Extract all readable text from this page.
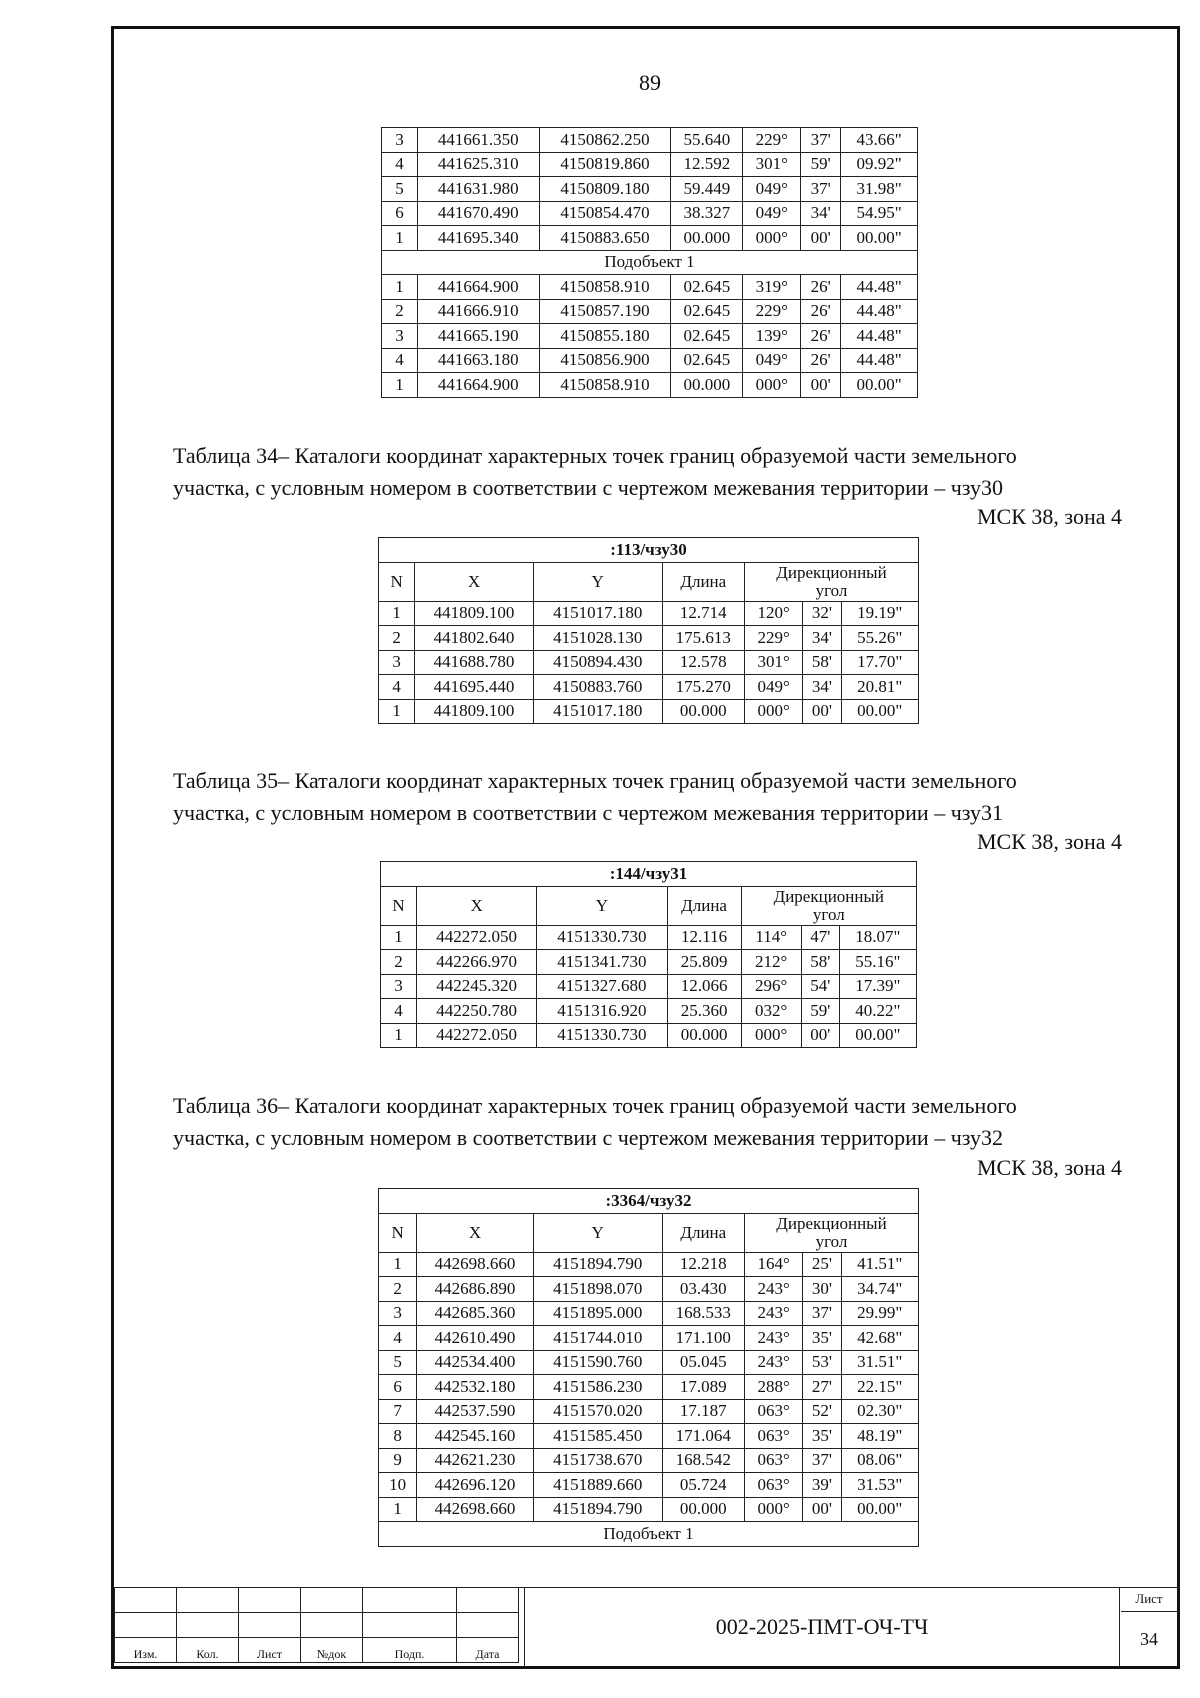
89
3	441661.350	4150862.250	55.640	229°	37'	43.66"
4	441625.310	4150819.860	12.592	301°	59'	09.92"
5	441631.980	4150809.180	59.449	049°	37'	31.98"
6	441670.490	4150854.470	38.327	049°	34'	54.95"
1	441695.340	4150883.650	00.000	000°	00'	00.00"
Подобъект 1						
1	441664.900	4150858.910	02.645	319°	26'	44.48"
2	441666.910	4150857.190	02.645	229°	26'	44.48"
3	441665.190	4150855.180	02.645	139°	26'	44.48"
4	441663.180	4150856.900	02.645	049°	26'	44.48"
1	441664.900	4150858.910	00.000	000°	00'	00.00"
Таблица 34– Каталоги координат характерных точек границ образуемой части земельного
участка, с условным номером в соответствии с чертежом межевания территории – чзу30
МСК 38, зона 4
:113/чзу30						
N	X	Y	Длина	Дирекционный
угол		

1	441809.100	4151017.180	12.714	120°	32'	19.19"
2	441802.640	4151028.130	175.613	229°	34'	55.26"
3	441688.780	4150894.430	12.578	301°	58'	17.70"
4	441695.440	4150883.760	175.270	049°	34'	20.81"
1	441809.100	4151017.180	00.000	000°	00'	00.00"
Таблица 35– Каталоги координат характерных точек границ образуемой части земельного
участка, с условным номером в соответствии с чертежом межевания территории – чзу31
МСК 38, зона 4
:144/чзу31						
N	X	Y	Длина	Дирекционный
угол		

1	442272.050	4151330.730	12.116	114°	47'	18.07"
2	442266.970	4151341.730	25.809	212°	58'	55.16"
3	442245.320	4151327.680	12.066	296°	54'	17.39"
4	442250.780	4151316.920	25.360	032°	59'	40.22"
1	442272.050	4151330.730	00.000	000°	00'	00.00"
Таблица 36– Каталоги координат характерных точек границ образуемой части земельного
участка, с условным номером в соответствии с чертежом межевания территории – чзу32
МСК 38, зона 4
:3364/чзу32						
N	X	Y	Длина	Дирекционный
угол		

1	442698.660	4151894.790	12.218	164°	25'	41.51"
2	442686.890	4151898.070	03.430	243°	30'	34.74"
3	442685.360	4151895.000	168.533	243°	37'	29.99"
4	442610.490	4151744.010	171.100	243°	35'	42.68"
5	442534.400	4151590.760	05.045	243°	53'	31.51"
6	442532.180	4151586.230	17.089	288°	27'	22.15"
7	442537.590	4151570.020	17.187	063°	52'	02.30"
8	442545.160	4151585.450	171.064	063°	35'	48.19"
9	442621.230	4151738.670	168.542	063°	37'	08.06"
10	442696.120	4151889.660	05.724	063°	39'	31.53"
1	442698.660	4151894.790	00.000	000°	00'	00.00"
Подобъект 1						

Изм.	Кол.	Лист	№док	Подп.	Дата
002-2025-ПМТ-ОЧ-ТЧ
Лист
34
